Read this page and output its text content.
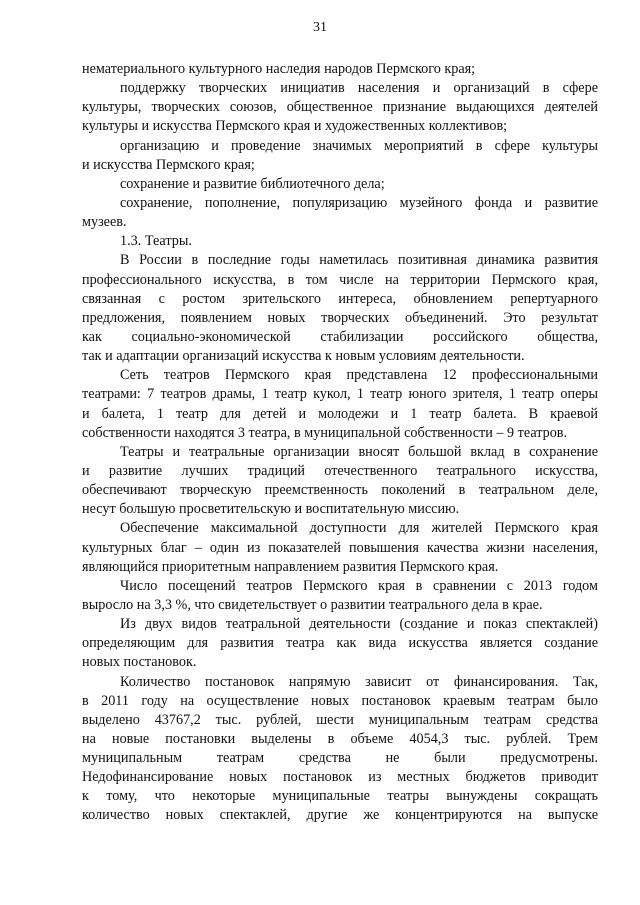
31
нематериального культурного наследия народов Пермского края;
поддержку творческих инициатив населения и организаций в сфере
культуры, творческих союзов, общественное признание выдающихся деятелей
культуры и искусства Пермского края и художественных коллективов;
организацию и проведение значимых мероприятий в сфере культуры
и искусства Пермского края;
сохранение и развитие библиотечного дела;
сохранение, пополнение, популяризацию музейного фонда и развитие
музеев.
1.3. Театры.
В России в последние годы наметилась позитивная динамика развития
профессионального искусства, в том числе на территории Пермского края,
связанная с ростом зрительского интереса, обновлением репертуарного
предложения, появлением новых творческих объединений. Это результат
как социально-экономической стабилизации российского общества,
так и адаптации организаций искусства к новым условиям деятельности.
Сеть театров Пермского края представлена 12 профессиональными
театрами: 7 театров драмы, 1 театр кукол, 1 театр юного зрителя, 1 театр оперы
и балета, 1 театр для детей и молодежи и 1 театр балета. В краевой
собственности находятся 3 театра, в муниципальной собственности – 9 театров.
Театры и театральные организации вносят большой вклад в сохранение
и развитие лучших традиций отечественного театрального искусства,
обеспечивают творческую преемственность поколений в театральном деле,
несут большую просветительскую и воспитательную миссию.
Обеспечение максимальной доступности для жителей Пермского края
культурных благ – один из показателей повышения качества жизни населения,
являющийся приоритетным направлением развития Пермского края.
Число посещений театров Пермского края в сравнении с 2013 годом
выросло на 3,3 %, что свидетельствует о развитии театрального дела в крае.
Из двух видов театральной деятельности (создание и показ спектаклей)
определяющим для развития театра как вида искусства является создание
новых постановок.
Количество постановок напрямую зависит от финансирования. Так,
в 2011 году на осуществление новых постановок краевым театрам было
выделено 43767,2 тыс. рублей, шести муниципальным театрам средства
на новые постановки выделены в объеме 4054,3 тыс. рублей. Трем
муниципальным театрам средства не были предусмотрены.
Недофинансирование новых постановок из местных бюджетов приводит
к тому, что некоторые муниципальные театры вынуждены сокращать
количество новых спектаклей, другие же концентрируются на выпуске
